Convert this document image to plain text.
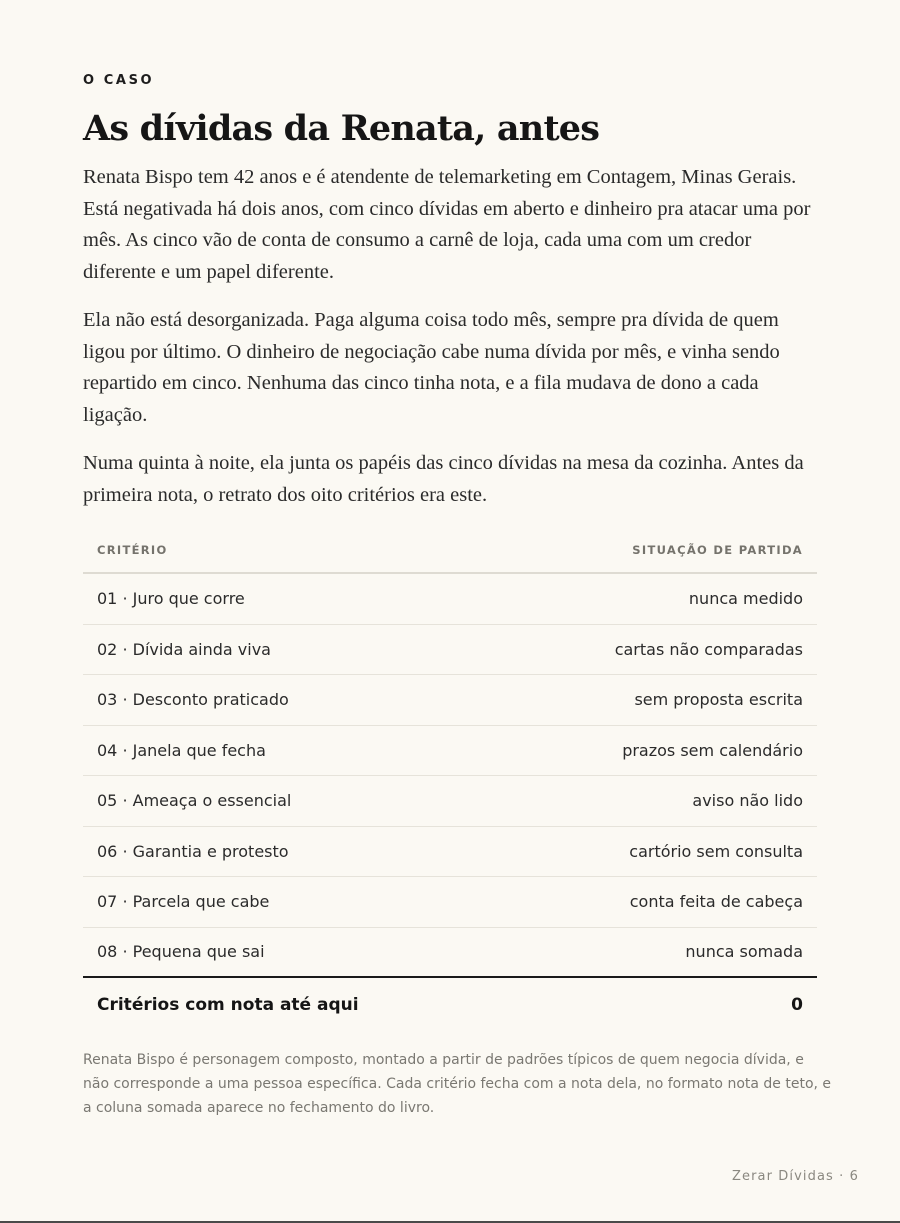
O CASO
As dívidas da Renata, antes

Renata Bispo tem 42 anos e é atendente de telemarketing em Contagem, Minas Gerais. Está negativada há dois anos, com cinco dívidas em aberto e dinheiro pra atacar uma por mês. As cinco vão de conta de consumo a carnê de loja, cada uma com um credor diferente e um papel diferente.

Ela não está desorganizada. Paga alguma coisa todo mês, sempre pra dívida de quem ligou por último. O dinheiro de negociação cabe numa dívida por mês, e vinha sendo repartido em cinco. Nenhuma das cinco tinha nota, e a fila mudava de dono a cada ligação.

Numa quinta à noite, ela junta os papéis das cinco dívidas na mesa da cozinha. Antes da primeira nota, o retrato dos oito critérios era este.

CRITÉRIO	SITUAÇÃO DE PARTIDA
01 · Juro que corre	nunca medido
02 · Dívida ainda viva	cartas não comparadas
03 · Desconto praticado	sem proposta escrita
04 · Janela que fecha	prazos sem calendário
05 · Ameaça o essencial	aviso não lido
06 · Garantia e protesto	cartório sem consulta
07 · Parcela que cabe	conta feita de cabeça
08 · Pequena que sai	nunca somada
Critérios com nota até aqui	0

Renata Bispo é personagem composto, montado a partir de padrões típicos de quem negocia dívida, e não corresponde a uma pessoa específica. Cada critério fecha com a nota dela, no formato nota de teto, e a coluna somada aparece no fechamento do livro.

Zerar Dívidas · 6
